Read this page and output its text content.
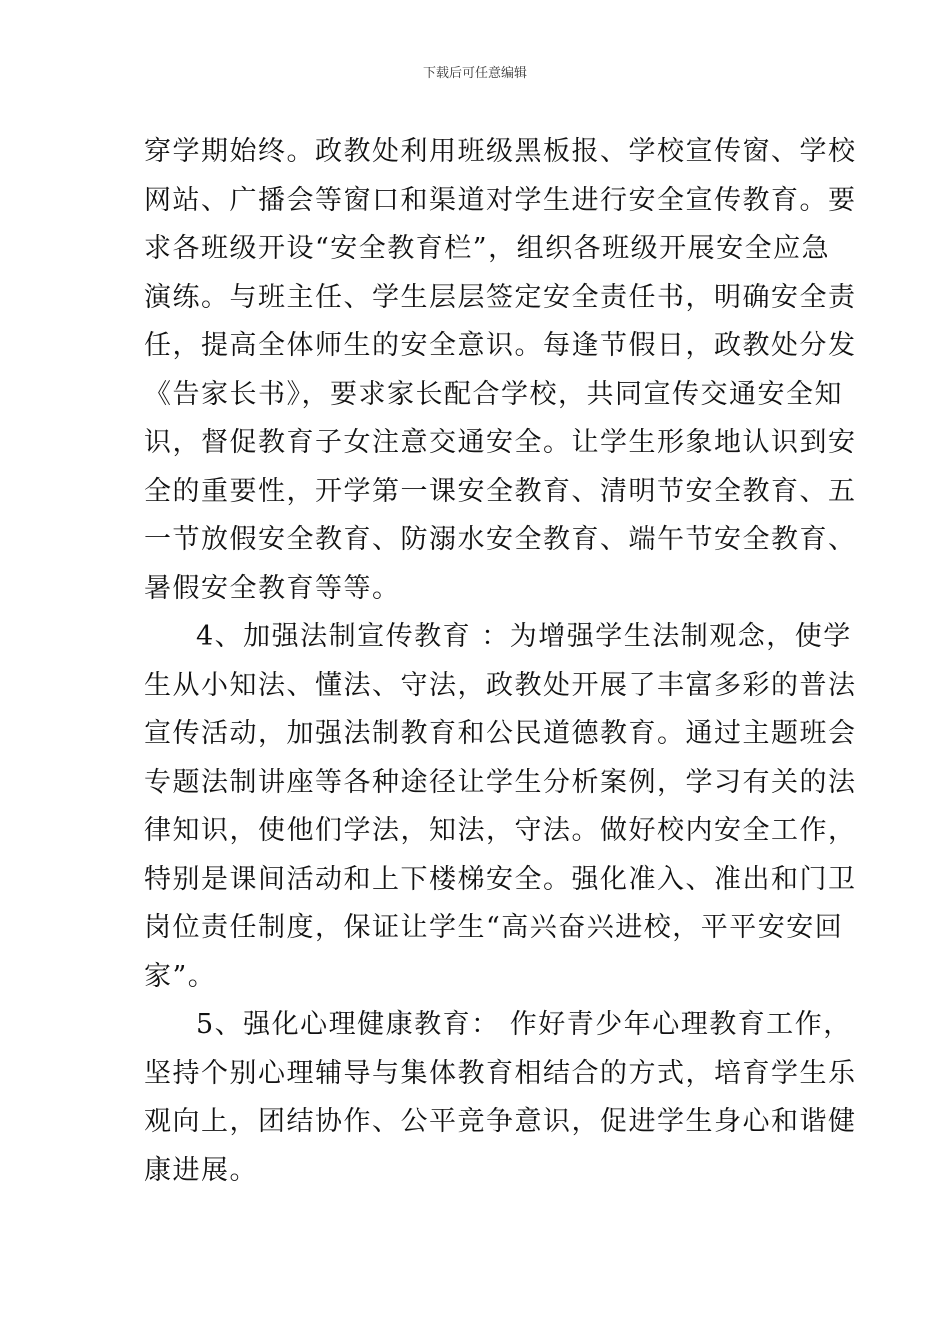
下载后可任意编辑
穿学期始终。政教处利用班级黑板报、学校宣传窗、学校
网站、广播会等窗口和渠道对学生进行安全宣传教育。要
求各班级开设“安全教育栏”，组织各班级开展安全应急
演练。与班主任、学生层层签定安全责任书，明确安全责
任，提高全体师生的安全意识。每逢节假日，政教处分发
《告家长书》，要求家长配合学校，共同宣传交通安全知
识，督促教育子女注意交通安全。让学生形象地认识到安
全的重要性，开学第一课安全教育、清明节安全教育、五
一节放假安全教育、防溺水安全教育、端午节安全教育、
暑假安全教育等等。
4、加强法制宣传教育 ：为增强学生法制观念，使学
生从小知法、懂法、守法，政教处开展了丰富多彩的普法
宣传活动，加强法制教育和公民道德教育。通过主题班会
专题法制讲座等各种途径让学生分析案例，学习有关的法
律知识，使他们学法，知法，守法。做好校内安全工作，
特别是课间活动和上下楼梯安全。强化准入、准出和门卫
岗位责任制度，保证让学生“高兴奋兴进校，平平安安回
家”。
5、强化心理健康教育： 作好青少年心理教育工作，
坚持个别心理辅导与集体教育相结合的方式，培育学生乐
观向上，团结协作、公平竞争意识，促进学生身心和谐健
康进展。
